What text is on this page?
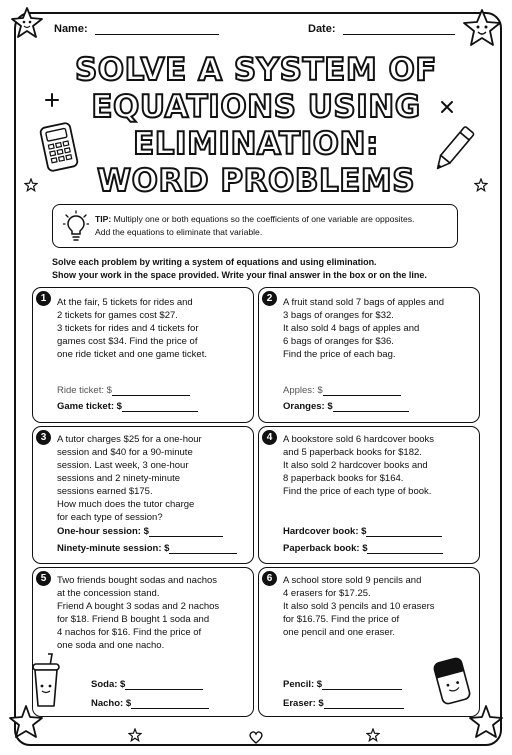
Name:	Date:
SOLVE A SYSTEM OF
EQUATIONS USING
ELIMINATION:
WORD PROBLEMS
TIP: Multiply one or both equations so the coefficients of one variable are opposites.
Add the equations to eliminate that variable.
Solve each problem by writing a system of equations and using elimination.
Show your work in the space provided. Write your final answer in the box or on the line.
1	At the fair, 5 tickets for rides and
2 tickets for games cost $27.
3 tickets for rides and 4 tickets for
games cost $34. Find the price of
one ride ticket and one game ticket.
Ride ticket: $
Game ticket: $
2	A fruit stand sold 7 bags of apples and
3 bags of oranges for $32.
It also sold 4 bags of apples and
6 bags of oranges for $36.
Find the price of each bag.
Apples: $
Oranges: $
3	A tutor charges $25 for a one-hour
session and $40 for a 90-minute
session. Last week, 3 one-hour
sessions and 2 ninety-minute
sessions earned $175.
How much does the tutor charge
for each type of session?
One-hour session: $
Ninety-minute session: $
4	A bookstore sold 6 hardcover books
and 5 paperback books for $182.
It also sold 2 hardcover books and
8 paperback books for $164.
Find the price of each type of book.
Hardcover book: $
Paperback book: $
5	Two friends bought sodas and nachos
at the concession stand.
Friend A bought 3 sodas and 2 nachos
for $18. Friend B bought 1 soda and
4 nachos for $16. Find the price of
one soda and one nacho.
Soda: $
Nacho: $
6	A school store sold 9 pencils and
4 erasers for $17.25.
It also sold 3 pencils and 10 erasers
for $16.75. Find the price of
one pencil and one eraser.
Pencil: $
Eraser: $
